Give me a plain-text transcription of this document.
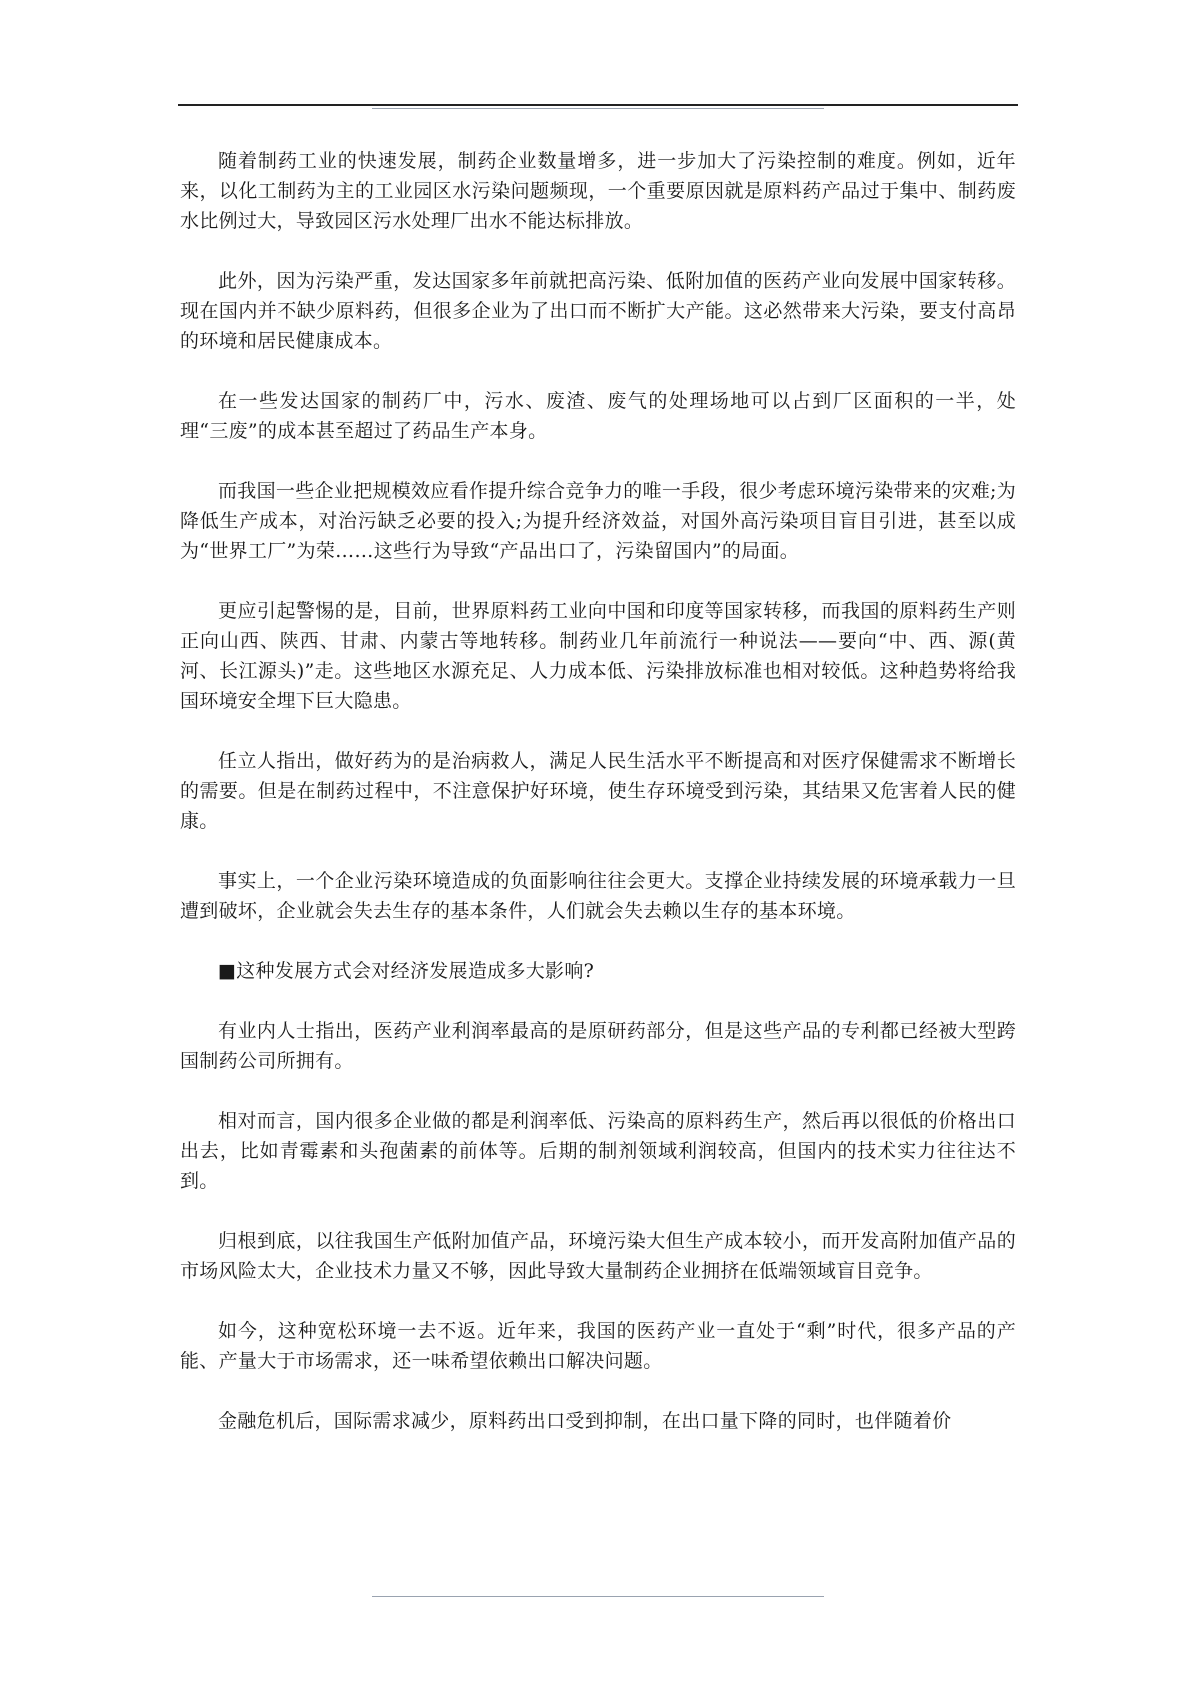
随着制药工业的快速发展，制药企业数量增多，进一步加大了污染控制的难度。例如，近年来，以化工制药为主的工业园区水污染问题频现，一个重要原因就是原料药产品过于集中、制药废水比例过大，导致园区污水处理厂出水不能达标排放。

此外，因为污染严重，发达国家多年前就把高污染、低附加值的医药产业向发展中国家转移。现在国内并不缺少原料药，但很多企业为了出口而不断扩大产能。这必然带来大污染，要支付高昂的环境和居民健康成本。

在一些发达国家的制药厂中，污水、废渣、废气的处理场地可以占到厂区面积的一半，处理“三废”的成本甚至超过了药品生产本身。

而我国一些企业把规模效应看作提升综合竞争力的唯一手段，很少考虑环境污染带来的灾难;为降低生产成本，对治污缺乏必要的投入;为提升经济效益，对国外高污染项目盲目引进，甚至以成为“世界工厂”为荣……这些行为导致“产品出口了，污染留国内”的局面。

更应引起警惕的是，目前，世界原料药工业向中国和印度等国家转移，而我国的原料药生产则正向山西、陕西、甘肃、内蒙古等地转移。制药业几年前流行一种说法——要向“中、西、源(黄河、长江源头)”走。这些地区水源充足、人力成本低、污染排放标准也相对较低。这种趋势将给我国环境安全埋下巨大隐患。

任立人指出，做好药为的是治病救人，满足人民生活水平不断提高和对医疗保健需求不断增长的需要。但是在制药过程中，不注意保护好环境，使生存环境受到污染，其结果又危害着人民的健康。

事实上，一个企业污染环境造成的负面影响往往会更大。支撑企业持续发展的环境承载力一旦遭到破坏，企业就会失去生存的基本条件，人们就会失去赖以生存的基本环境。

■这种发展方式会对经济发展造成多大影响?

有业内人士指出，医药产业利润率最高的是原研药部分，但是这些产品的专利都已经被大型跨国制药公司所拥有。

相对而言，国内很多企业做的都是利润率低、污染高的原料药生产，然后再以很低的价格出口出去，比如青霉素和头孢菌素的前体等。后期的制剂领域利润较高，但国内的技术实力往往达不到。

归根到底，以往我国生产低附加值产品，环境污染大但生产成本较小，而开发高附加值产品的市场风险太大，企业技术力量又不够，因此导致大量制药企业拥挤在低端领域盲目竞争。

如今，这种宽松环境一去不返。近年来，我国的医药产业一直处于“剩”时代，很多产品的产能、产量大于市场需求，还一味希望依赖出口解决问题。

金融危机后，国际需求减少，原料药出口受到抑制，在出口量下降的同时，也伴随着价
